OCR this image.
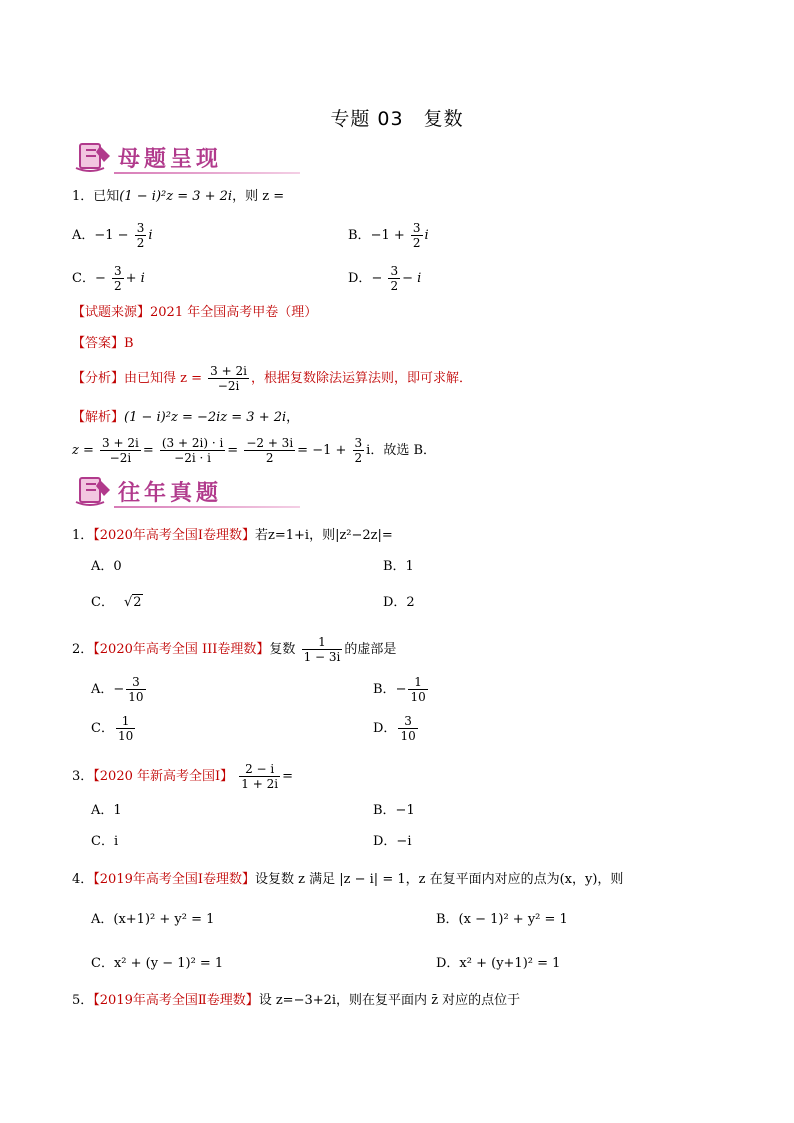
专题 03　复数
母题呈现
1．已知(1 − i)²z = 3 + 2i，则 z =
A．$-1 - \frac{3}{2}$ i	B．$-1 + \frac{3}{2}$ i
C．− $\frac{3}{2} + i$	D．− $\frac{3}{2} - i$
【试题来源】2021 年全国高考甲卷（理）
【答案】B
【分析】由已知得 $z = \frac{3 + 2i}{-2i}$ ，根据复数除法运算法则，即可求解．
【解析】(1 − i)²z = −2iz = 3 + 2i，
$z = \frac{3 + 2i}{-2i} = \frac{(3 + 2i) \cdot i}{-2i \cdot i} = \frac{-2 + 3i}{2} = -1 + \frac{3}{2}$ i．故选 B．
往年真题
1．【2020年高考全国Ⅰ卷理数】若z=1+i，则|z²−2z|=
A．0	B．1
C． √2	D．2
2．【2020年高考全国 III卷理数】复数 $\frac{1}{1 - 3i}$ 的虚部是
A．− $\frac{3}{10}$	B．− $\frac{1}{10}$
C． $\frac{1}{10}$	D． $\frac{3}{10}$
3．【2020 年新高考全国Ⅰ】 $\frac{2 - i}{1 + 2i}$ =
A．1	B．−1
C．i	D．−i
4．【2019年高考全国Ⅰ卷理数】设复数 z 满足 |z − i| = 1，z 在复平面内对应的点为(x，y)，则
A．(x+1)² + y² = 1	B．(x − 1)² + y² = 1
C．x² + (y − 1)² = 1	D．x² + (y+1)² = 1
5．【2019年高考全国Ⅱ卷理数】设 z=−3+2i，则在复平面内 z̄ 对应的点位于
